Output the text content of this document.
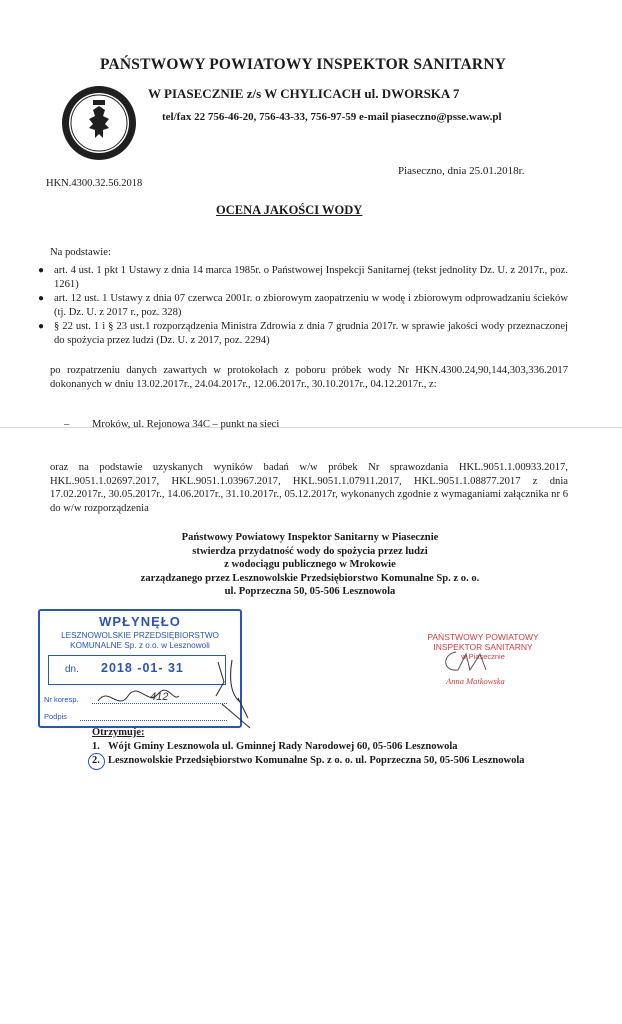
PAŃSTWOWY POWIATOWY INSPEKTOR SANITARNY
W PIASECZNIE z/s W CHYLICACH ul. DWORSKA 7
tel/fax 22 756-46-20, 756-43-33, 756-97-59 e-mail piaseczno@psse.waw.pl
Piaseczno, dnia 25.01.2018r.
HKN.4300.32.56.2018
OCENA JAKOŚCI WODY
Na podstawie:
● art. 4 ust. 1 pkt 1 Ustawy z dnia 14 marca 1985r. o Państwowej Inspekcji Sanitarnej (tekst jednolity Dz. U. z 2017r., poz. 1261)
● art. 12 ust. 1 Ustawy z dnia 07 czerwca 2001r. o zbiorowym zaopatrzeniu w wodę i zbiorowym odprowadzaniu ścieków (tj. Dz. U. z 2017 r., poz. 328)
● § 22 ust. 1 i § 23 ust.1 rozporządzenia Ministra Zdrowia z dnia 7 grudnia 2017r. w sprawie jakości wody przeznaczonej do spożycia przez ludzi (Dz. U. z 2017, poz. 2294)
po rozpatrzeniu danych zawartych w protokołach z poboru próbek wody Nr HKN.4300.24,90,144,303,336.2017 dokonanych w dniu 13.02.2017r., 24.04.2017r., 12.06.2017r., 30.10.2017r., 04.12.2017r., z:
– Mroków, ul. Rejonowa 34C – punkt na sieci
oraz na podstawie uzyskanych wyników badań w/w próbek Nr sprawozdania HKL.9051.1.00933.2017, HKL.9051.1.02697.2017, HKL.9051.1.03967.2017, HKL.9051.1.07911.2017, HKL.9051.1.08877.2017 z dnia 17.02.2017r., 30.05.2017r., 14.06.2017r., 31.10.2017r., 05.12.2017r, wykonanych zgodnie z wymaganiami załącznika nr 6 do w/w rozporządzenia
Państwowy Powiatowy Inspektor Sanitarny w Piasecznie
stwierdza przydatność wody do spożycia przez ludzi
z wodociągu publicznego w Mrokowie
zarządzanego przez Lesznowolskie Przedsiębiorstwo Komunalne Sp. z o. o.
ul. Poprzeczna 50, 05-506 Lesznowola
WPŁYNĘŁO
LESZNOWOLSKIE PRZEDSIĘBIORSTWO
KOMUNALNE Sp. z o.o. w Lesznowoli
dn. 2018 -01- 31
Nr koresp.	412
Podpis
PAŃSTWOWY POWIATOWY
INSPEKTOR SANITARNY
w Piasecznie
Anna Matkowska
Otrzymuje:
1. Wójt Gminy Lesznowola ul. Gminnej Rady Narodowej 60, 05-506 Lesznowola
2. Lesznowolskie Przedsiębiorstwo Komunalne Sp. z o. o. ul. Poprzeczna 50, 05-506 Lesznowola
